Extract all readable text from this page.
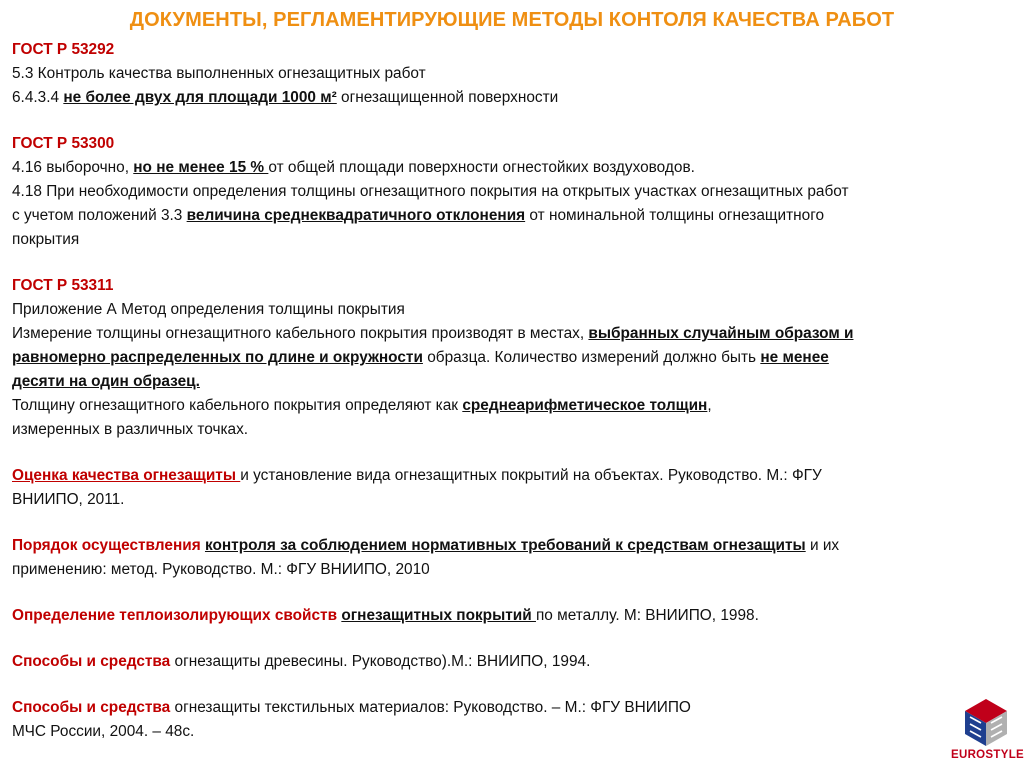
ДОКУМЕНТЫ, РЕГЛАМЕНТИРУЮЩИЕ МЕТОДЫ КОНТОЛЯ КАЧЕСТВА РАБОТ
ГОСТ Р 53292
5.3 Контроль качества выполненных огнезащитных работ
6.4.3.4 не более двух для площади 1000 м² огнезащищенной поверхности
ГОСТ Р 53300
4.16 выборочно, но не менее 15 % от общей площади поверхности огнестойких воздуховодов.
4.18 При необходимости определения толщины огнезащитного покрытия на открытых участках огнезащитных работ
с учетом положений 3.3 величина среднеквадратичного отклонения от номинальной толщины огнезащитного
покрытия
ГОСТ Р 53311
Приложение А Метод определения толщины покрытия
Измерение толщины огнезащитного кабельного покрытия производят в местах, выбранных случайным образом и
равномерно распределенных по длине и окружности образца. Количество измерений должно быть не менее
десяти на один образец.
Толщину огнезащитного кабельного покрытия определяют как среднеарифметическое толщин,
измеренных в различных точках.
Оценка качества огнезащиты и установление вида огнезащитных покрытий на объектах. Руководство. М.: ФГУ
ВНИИПО, 2011.
Порядок осуществления контроля за соблюдением нормативных требований к средствам огнезащиты и их
применению: метод. Руководство. М.: ФГУ ВНИИПО, 2010
Определение теплоизолирующих свойств огнезащитных покрытий по металлу. М: ВНИИПО, 1998.
Способы и средства огнезащиты древесины. Руководство).М.: ВНИИПО, 1994.
Способы и средства огнезащиты текстильных материалов: Руководство. – М.: ФГУ ВНИИПО
МЧС России, 2004. – 48с.
EUROSTYLE
